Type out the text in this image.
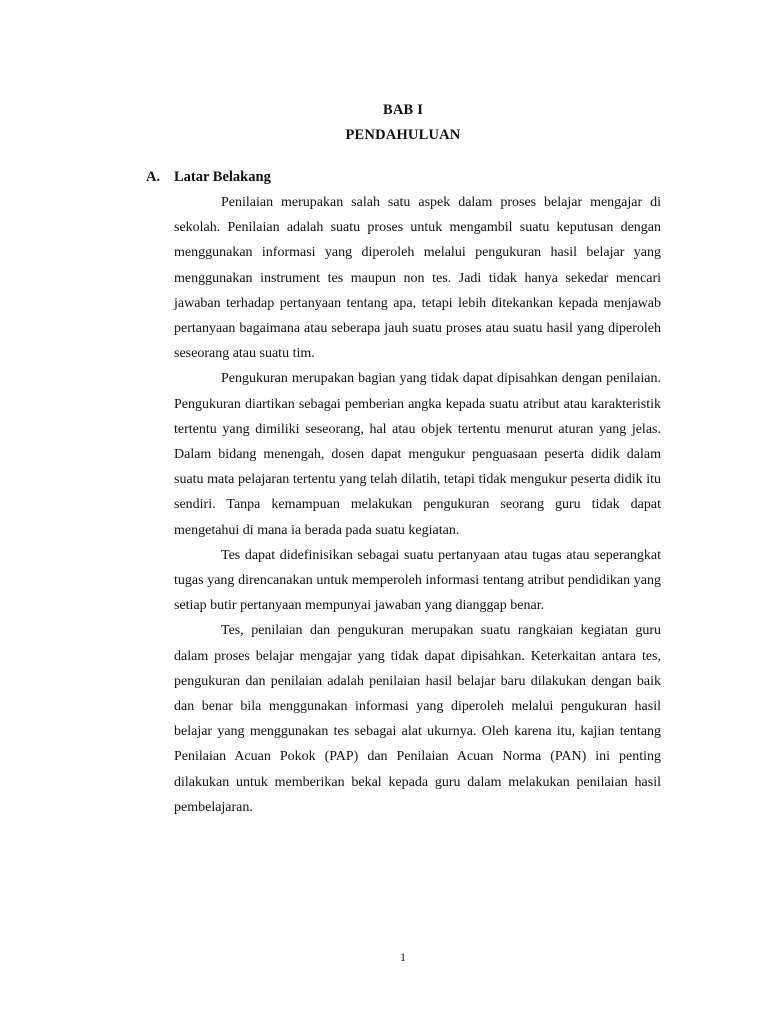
BAB I
PENDAHULUAN
A. Latar Belakang

Penilaian merupakan salah satu aspek dalam proses belajar mengajar di sekolah. Penilaian adalah suatu proses untuk mengambil suatu keputusan dengan menggunakan informasi yang diperoleh melalui pengukuran hasil belajar yang menggunakan instrument tes maupun non tes. Jadi tidak hanya sekedar mencari jawaban terhadap pertanyaan tentang apa, tetapi lebih ditekankan kepada menjawab pertanyaan bagaimana atau seberapa jauh suatu proses atau suatu hasil yang diperoleh seseorang atau suatu tim.

Pengukuran merupakan bagian yang tidak dapat dipisahkan dengan penilaian. Pengukuran diartikan sebagai pemberian angka kepada suatu atribut atau karakteristik tertentu yang dimiliki seseorang, hal atau objek tertentu menurut aturan yang jelas. Dalam bidang menengah, dosen dapat mengukur penguasaan peserta didik dalam suatu mata pelajaran tertentu yang telah dilatih, tetapi tidak mengukur peserta didik itu sendiri. Tanpa kemampuan melakukan pengukuran seorang guru tidak dapat mengetahui di mana ia berada pada suatu kegiatan.

Tes dapat didefinisikan sebagai suatu pertanyaan atau tugas atau seperangkat tugas yang direncanakan untuk memperoleh informasi tentang atribut pendidikan yang setiap butir pertanyaan mempunyai jawaban yang dianggap benar.

Tes, penilaian dan pengukuran merupakan suatu rangkaian kegiatan guru dalam proses belajar mengajar yang tidak dapat dipisahkan. Keterkaitan antara tes, pengukuran dan penilaian adalah penilaian hasil belajar baru dilakukan dengan baik dan benar bila menggunakan informasi yang diperoleh melalui pengukuran hasil belajar yang menggunakan tes sebagai alat ukurnya. Oleh karena itu, kajian tentang Penilaian Acuan Pokok (PAP) dan Penilaian Acuan Norma (PAN) ini penting dilakukan untuk memberikan bekal kepada guru dalam melakukan penilaian hasil pembelajaran.

1
